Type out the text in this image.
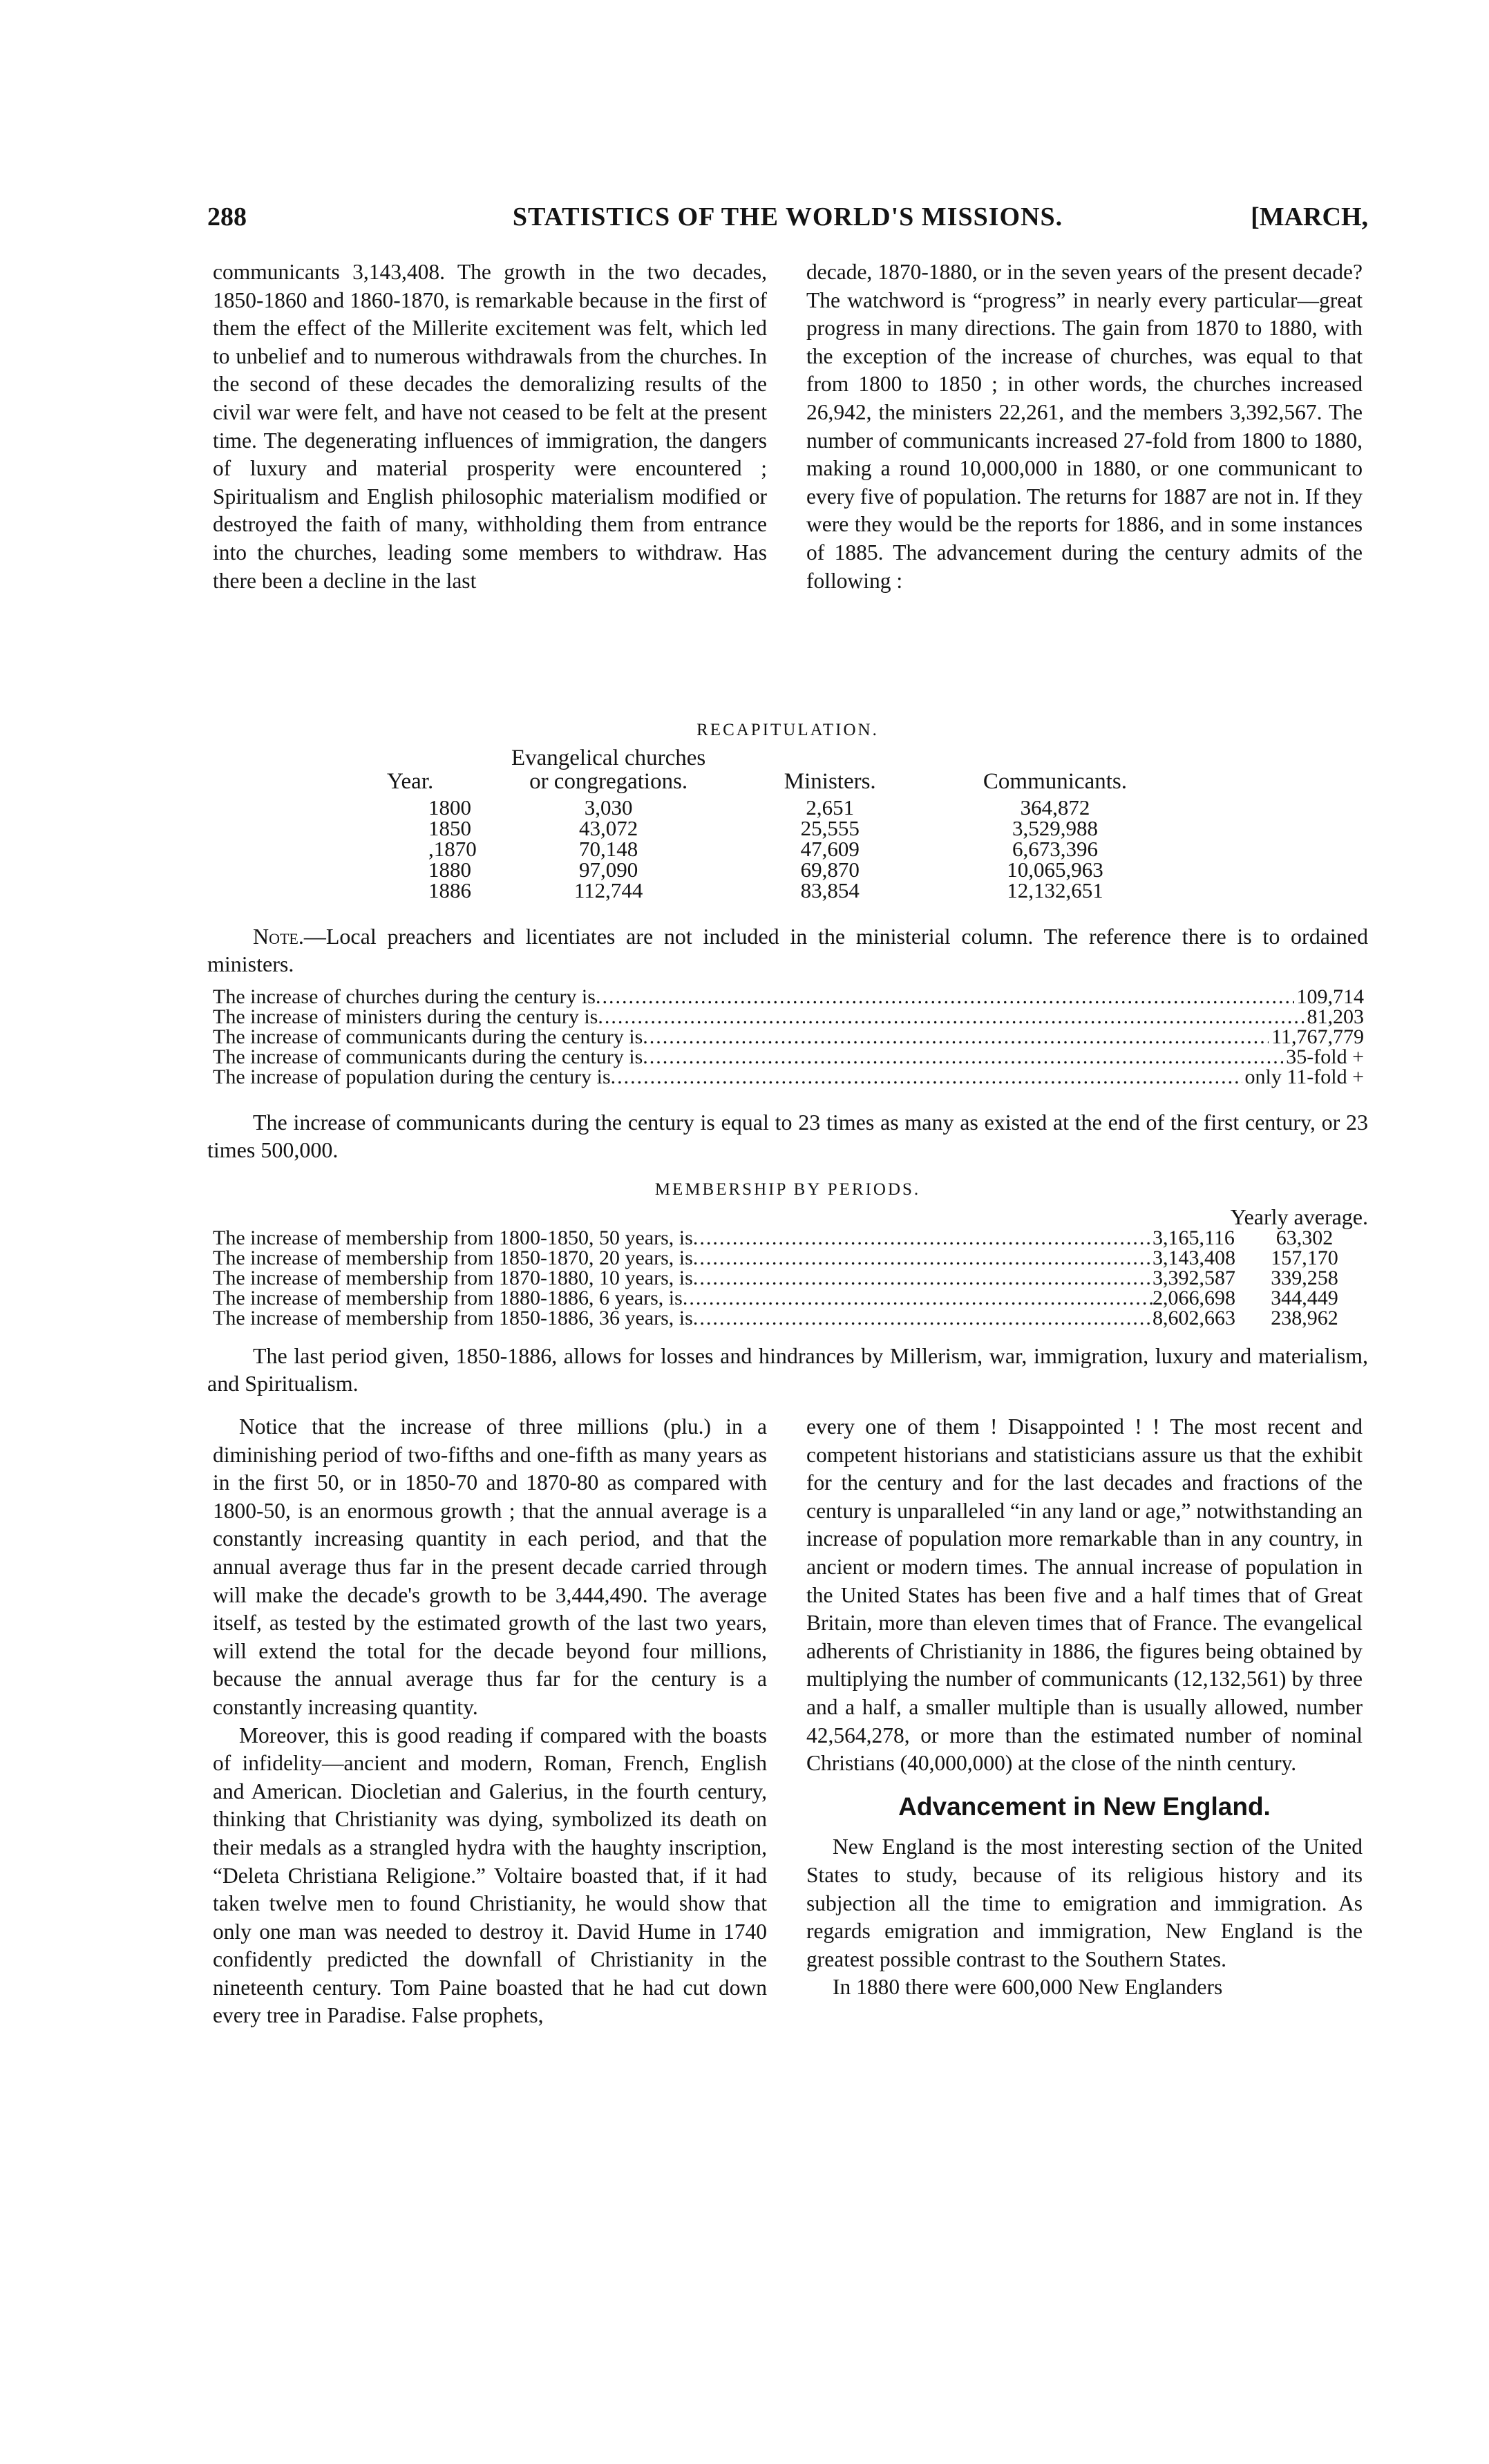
288	STATISTICS OF THE WORLD'S MISSIONS.	[MARCH,

communicants 3,143,408. The growth in the two decades, 1850-1860 and 1860-1870, is remarkable because in the first of them the effect of the Millerite excitement was felt, which led to unbelief and to numerous withdrawals from the churches. In the second of these decades the demoralizing results of the civil war were felt, and have not ceased to be felt at the present time. The degenerating influences of immigration, the dangers of luxury and material prosperity were encountered ; Spiritualism and English philosophic materialism modified or destroyed the faith of many, withholding them from entrance into the churches, leading some members to withdraw. Has there been a decline in the last

decade, 1870-1880, or in the seven years of the present decade? The watchword is “progress” in nearly every particular—great progress in many directions. The gain from 1870 to 1880, with the exception of the increase of churches, was equal to that from 1800 to 1850 ; in other words, the churches increased 26,942, the ministers 22,261, and the members 3,392,567. The number of communicants increased 27-fold from 1800 to 1880, making a round 10,000,000 in 1880, or one communicant to every five of population. The returns for 1887 are not in. If they were they would be the reports for 1886, and in some instances of 1885. The advancement during the century admits of the following :

RECAPITULATION.
	Evangelical churches		
Year.	or congregations.	Ministers.	Communicants.
1800	3,030	2,651	364,872
1850	43,072	25,555	3,529,988
,1870	70,148	47,609	6,673,396
1880	97,090	69,870	10,065,963
1886	112,744	83,854	12,132,651
Note.—Local preachers and licentiates are not included in the ministerial column. The reference there is to ordained ministers.
The increase of churches during the century is .....	109,714
The increase of ministers during the century is .....	81,203
The increase of communicants during the century is .....	11,767,779
The increase of communicants during the century is .....	35-fold +
The increase of population during the century is .....	only 11-fold +
The increase of communicants during the century is equal to 23 times as many as existed at the end of the first century, or 23 times 500,000.
MEMBERSHIP BY PERIODS.
Yearly average.
The increase of membership from 1800-1850, 50 years, is .....	3,165,116	63,302
The increase of membership from 1850-1870, 20 years, is .....	3,143,408	157,170
The increase of membership from 1870-1880, 10 years, is .....	3,392,587	339,258
The increase of membership from 1880-1886, 6 years, is .....	2,066,698	344,449
The increase of membership from 1850-1886, 36 years, is .....	8,602,663	238,962
The last period given, 1850-1886, allows for losses and hindrances by Millerism, war, immigration, luxury and materialism, and Spiritualism.

Notice that the increase of three millions (plu.) in a diminishing period of two-fifths and one-fifth as many years as in the first 50, or in 1850-70 and 1870-80 as compared with 1800-50, is an enormous growth ; that the annual average is a constantly increasing quantity in each period, and that the annual average thus far in the present decade carried through will make the decade's growth to be 3,444,490. The average itself, as tested by the estimated growth of the last two years, will extend the total for the decade beyond four millions, because the annual average thus far for the century is a constantly increasing quantity.

Moreover, this is good reading if compared with the boasts of infidelity—ancient and modern, Roman, French, English and American. Diocletian and Galerius, in the fourth century, thinking that Christianity was dying, symbolized its death on their medals as a strangled hydra with the haughty inscription, “Deleta Christiana Religione.” Voltaire boasted that, if it had taken twelve men to found Christianity, he would show that only one man was needed to destroy it. David Hume in 1740 confidently predicted the downfall of Christianity in the nineteenth century. Tom Paine boasted that he had cut down every tree in Paradise. False prophets,

every one of them ! Disappointed ! ! The most recent and competent historians and statisticians assure us that the exhibit for the century and for the last decades and fractions of the century is unparalleled “in any land or age,” notwithstanding an increase of population more remarkable than in any country, in ancient or modern times. The annual increase of population in the United States has been five and a half times that of Great Britain, more than eleven times that of France. The evangelical adherents of Christianity in 1886, the figures being obtained by multiplying the number of communicants (12,132,561) by three and a half, a smaller multiple than is usually allowed, number 42,564,278, or more than the estimated number of nominal Christians (40,000,000) at the close of the ninth century.

Advancement in New England.

New England is the most interesting section of the United States to study, because of its religious history and its subjection all the time to emigration and immigration. As regards emigration and immigration, New England is the greatest possible contrast to the Southern States.

In 1880 there were 600,000 New Englanders
